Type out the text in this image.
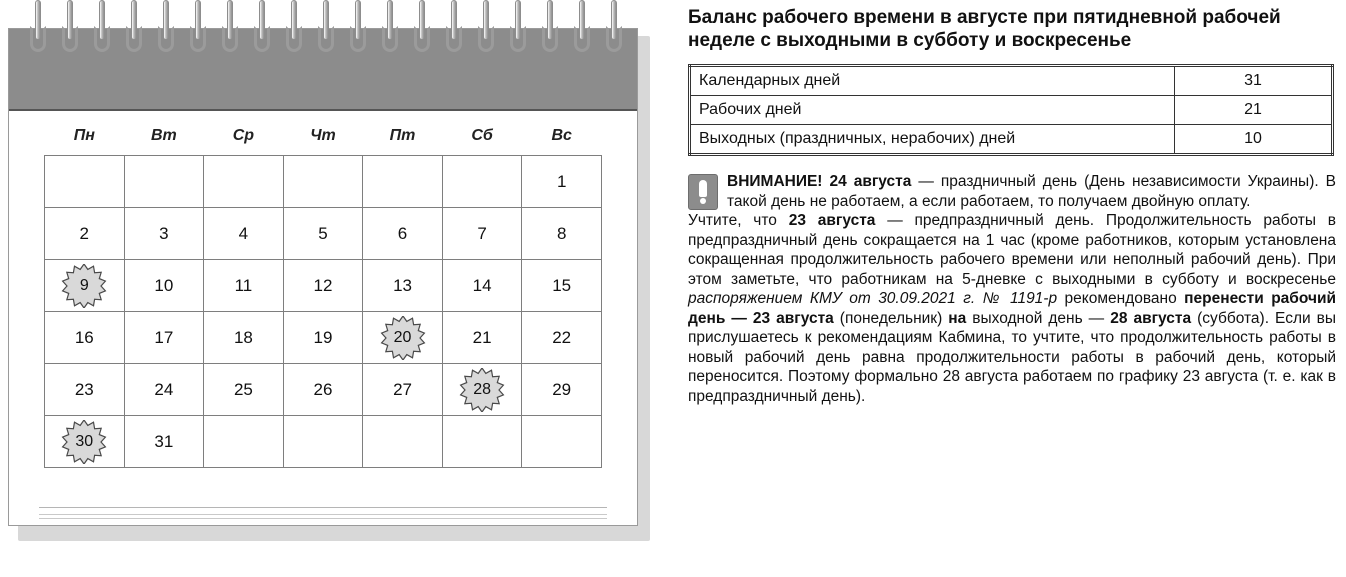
Пн	Вт	Ср	Чт	Пт	Сб	Вс
						1
2	3	4	5	6	7	8

9	10	11	12	13	14	15
16	17	18	19	20	21	22
23	24	25	26	27	28	29

30	31					
Баланс рабочего времени в августе при пятидневной рабочей неделе с выходными в субботу и воскресенье
Календарных дней	31
Рабочих дней	21
Выходных (праздничных, нерабочих) дней	10

ВНИМАНИЕ! 24 августа — праздничный день (День независимости Украины). В такой день не работаем, а если работаем, то получаем двойную оплату.

Учтите, что 23 августа — предпраздничный день. Продолжительность работы в предпраздничный день сокращается на 1 час (кроме работников, которым установлена сокращенная продолжительность рабочего времени или неполный рабочий день). При этом заметьте, что работникам на 5-дневке с выходными в субботу и воскресенье распоряжением КМУ от 30.09.2021 г. № 1191-р рекомендовано перенести рабочий день — 23 августа (понедельник) на выходной день — 28 августа (суббота). Если вы прислушаетесь к рекомендациям Кабмина, то учтите, что продолжительность работы в новый рабочий день равна продолжительности работы в рабочий день, который переносится. Поэтому формально 28 августа работаем по графику 23 августа (т. е. как в предпраздничный день).
